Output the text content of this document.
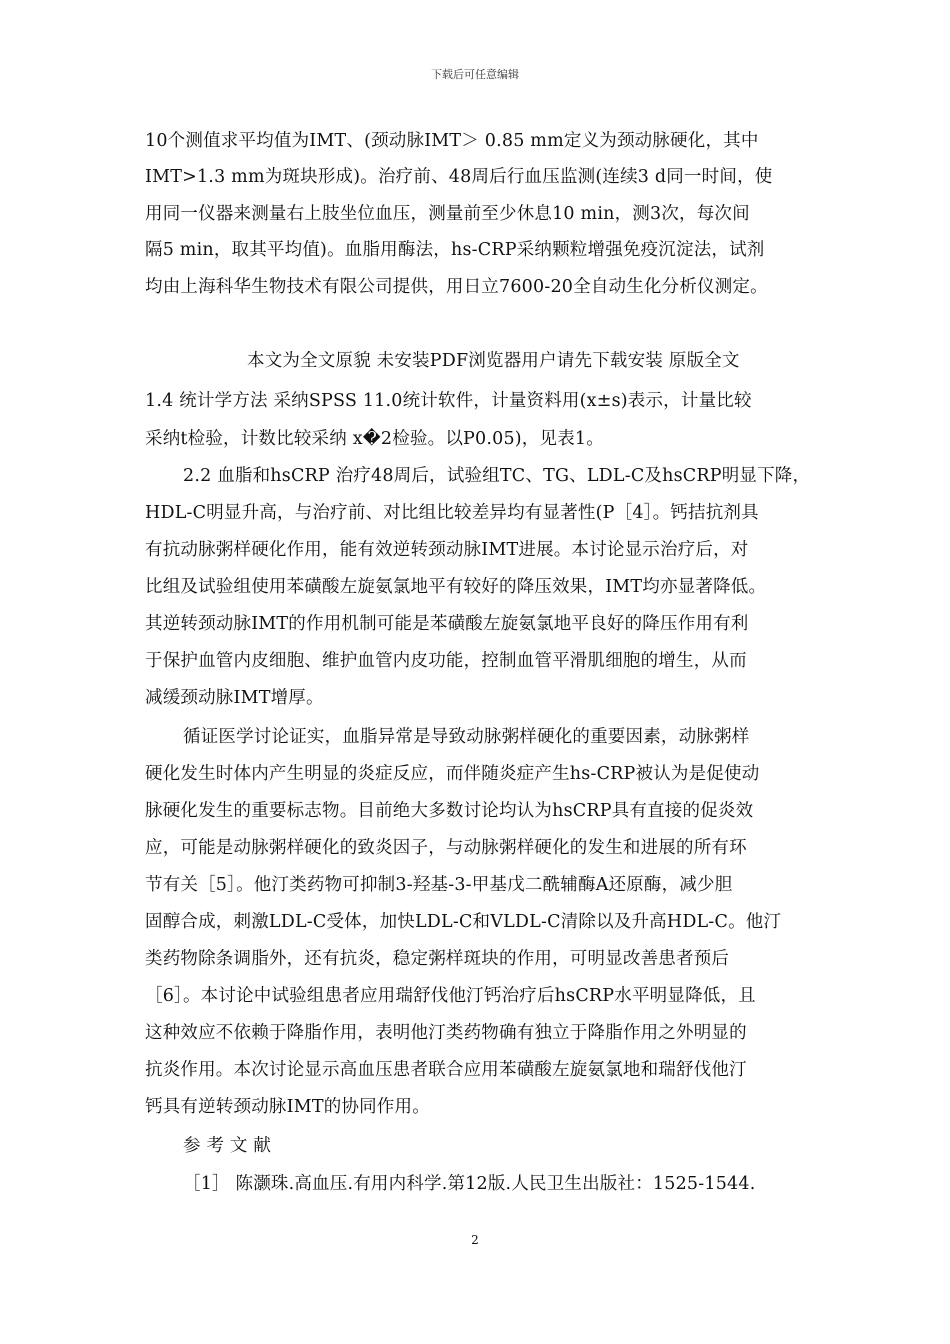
下载后可任意编辑

10个测值求平均值为IMT、(颈动脉IMT＞ 0.85 mm定义为颈动脉硬化，其中

IMT>1.3 mm为斑块形成)。治疗前、48周后行血压监测(连续3 d同一时间，使

用同一仪器来测量右上肢坐位血压，测量前至少休息10 min，测3次，每次间

隔5 min，取其平均值)。血脂用酶法，hs-CRP采纳颗粒增强免疫沉淀法，试剂

均由上海科华生物技术有限公司提供，用日立7600-20全自动生化分析仪测定。

本文为全文原貌 未安装PDF浏览器用户请先下载安装 原版全文

1.4 统计学方法 采纳SPSS 11.0统计软件，计量资料用(x±s)表示，计量比较

采纳t检验，计数比较采纳 x�2检验。以P0.05)，见表1。

2.2 血脂和hsCRP 治疗48周后，试验组TC、TG、LDL-C及hsCRP明显下降，

HDL-C明显升高，与治疗前、对比组比较差异均有显著性(P［4］。钙拮抗剂具

有抗动脉粥样硬化作用，能有效逆转颈动脉IMT进展。本讨论显示治疗后，对

比组及试验组使用苯磺酸左旋氨氯地平有较好的降压效果，IMT均亦显著降低。

其逆转颈动脉IMT的作用机制可能是苯磺酸左旋氨氯地平良好的降压作用有利

于保护血管内皮细胞、维护血管内皮功能，控制血管平滑肌细胞的增生，从而

减缓颈动脉IMT增厚。

循证医学讨论证实，血脂异常是导致动脉粥样硬化的重要因素，动脉粥样

硬化发生时体内产生明显的炎症反应，而伴随炎症产生hs-CRP被认为是促使动

脉硬化发生的重要标志物。目前绝大多数讨论均认为hsCRP具有直接的促炎效

应，可能是动脉粥样硬化的致炎因子，与动脉粥样硬化的发生和进展的所有环

节有关［5］。他汀类药物可抑制3-羟基-3-甲基戊二酰辅酶A还原酶，减少胆

固醇合成，刺激LDL-C受体，加快LDL-C和VLDL-C清除以及升高HDL-C。他汀

类药物除条调脂外，还有抗炎，稳定粥样斑块的作用，可明显改善患者预后

［6］。本讨论中试验组患者应用瑞舒伐他汀钙治疗后hsCRP水平明显降低，且

这种效应不依赖于降脂作用，表明他汀类药物确有独立于降脂作用之外明显的

抗炎作用。本次讨论显示高血压患者联合应用苯磺酸左旋氨氯地和瑞舒伐他汀

钙具有逆转颈动脉IMT的协同作用。

参 考 文 献

［1］ 陈灏珠.高血压.有用内科学.第12版.人民卫生出版社：1525-1544.

2
